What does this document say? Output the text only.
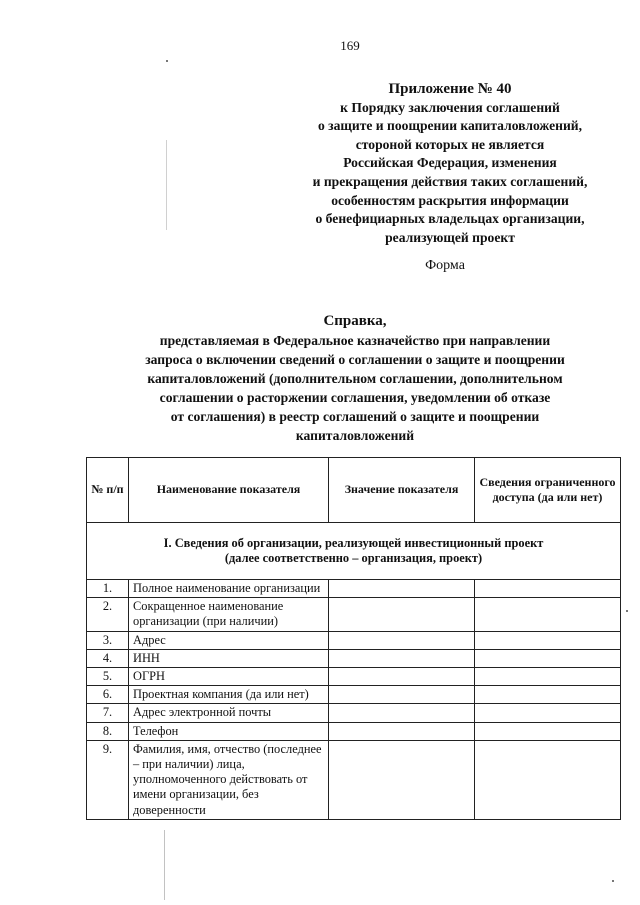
169
Приложение № 40
к Порядку заключения соглашений
о защите и поощрении капиталовложений,
стороной которых не является
Российская Федерация, изменения
и прекращения действия таких соглашений,
особенностям раскрытия информации
о бенефициарных владельцах организации,
реализующей проект
Форма
Справка,
представляемая в Федеральное казначейство при направлении
запроса о включении сведений о соглашении о защите и поощрении
капиталовложений (дополнительном соглашении, дополнительном
соглашении о расторжении соглашения, уведомлении об отказе
от соглашения) в реестр соглашений о защите и поощрении
капиталовложений
№ п/п	Наименование показателя	Значение показателя	Сведения ограниченного доступа (да или нет)

I. Сведения об организации, реализующей инвестиционный проект
(далее соответственно – организация, проект)			

1.	Полное наименование организации		
2.	Сокращенное наименование организации (при наличии)		
3.	Адрес		
4.	ИНН		
5.	ОГРН		
6.	Проектная компания (да или нет)		
7.	Адрес электронной почты		
8.	Телефон		
9.	Фамилия, имя, отчество (последнее – при наличии) лица, уполномоченного действовать от имени организации, без доверенности		
